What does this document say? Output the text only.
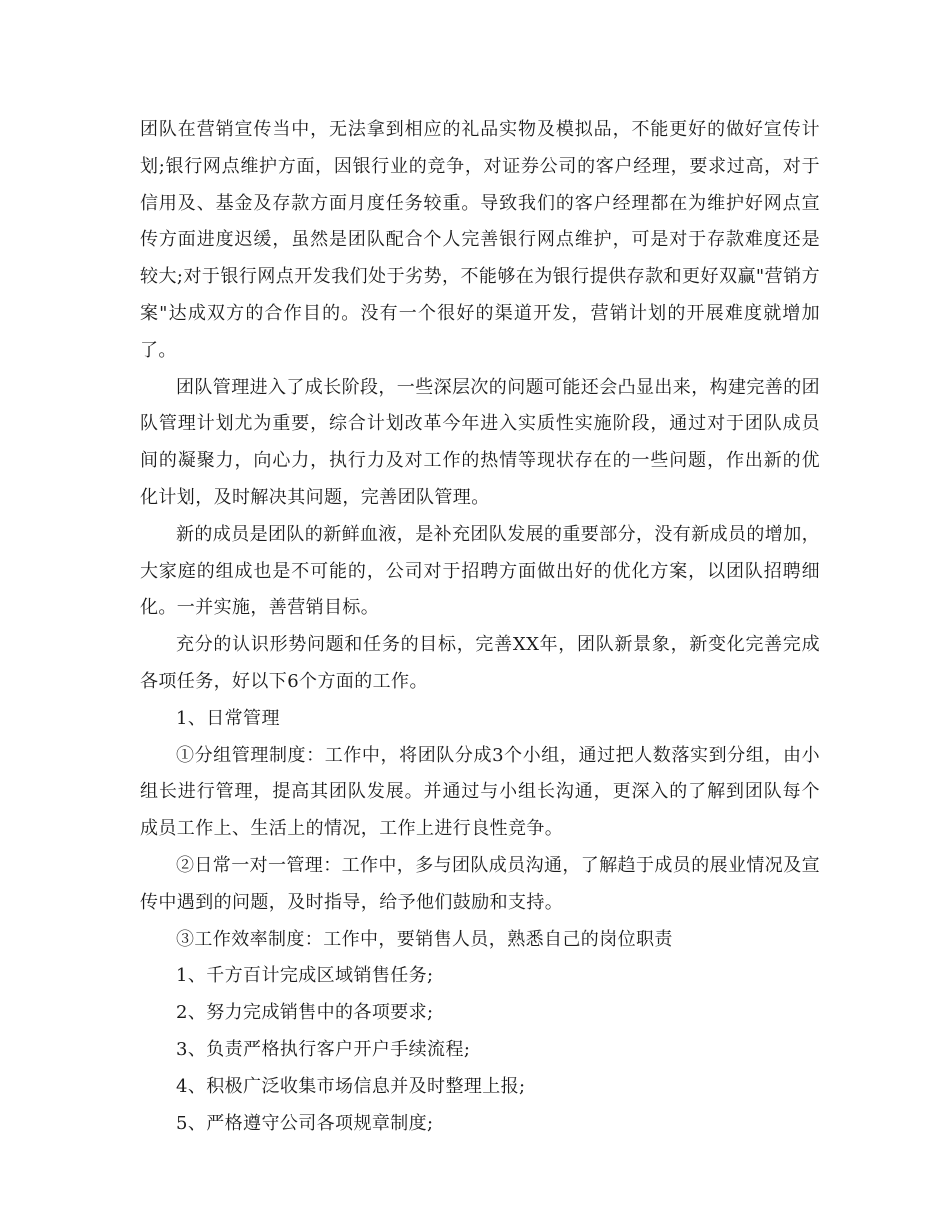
团队在营销宣传当中，无法拿到相应的礼品实物及模拟品，不能更好的做好宣传计划;银行网点维护方面，因银行业的竞争，对证券公司的客户经理，要求过高，对于信用及、基金及存款方面月度任务较重。导致我们的客户经理都在为维护好网点宣传方面进度迟缓，虽然是团队配合个人完善银行网点维护，可是对于存款难度还是较大;对于银行网点开发我们处于劣势，不能够在为银行提供存款和更好双赢"营销方案"达成双方的合作目的。没有一个很好的渠道开发，营销计划的开展难度就增加了。

团队管理进入了成长阶段，一些深层次的问题可能还会凸显出来，构建完善的团队管理计划尤为重要，综合计划改革今年进入实质性实施阶段，通过对于团队成员间的凝聚力，向心力，执行力及对工作的热情等现状存在的一些问题，作出新的优化计划，及时解决其问题，完善团队管理。

新的成员是团队的新鲜血液，是补充团队发展的重要部分，没有新成员的增加，大家庭的组成也是不可能的，公司对于招聘方面做出好的优化方案，以团队招聘细化。一并实施，善营销目标。

充分的认识形势问题和任务的目标，完善XX年，团队新景象，新变化完善完成各项任务，好以下6个方面的工作。

1、日常管理

①分组管理制度：工作中，将团队分成3个小组，通过把人数落实到分组，由小组长进行管理，提高其团队发展。并通过与小组长沟通，更深入的了解到团队每个成员工作上、生活上的情况，工作上进行良性竞争。

②日常一对一管理：工作中，多与团队成员沟通，了解趋于成员的展业情况及宣传中遇到的问题，及时指导，给予他们鼓励和支持。

③工作效率制度：工作中，要销售人员，熟悉自己的岗位职责

1、千方百计完成区域销售任务;

2、努力完成销售中的各项要求;

3、负责严格执行客户开户手续流程;

4、积极广泛收集市场信息并及时整理上报;

5、严格遵守公司各项规章制度;
